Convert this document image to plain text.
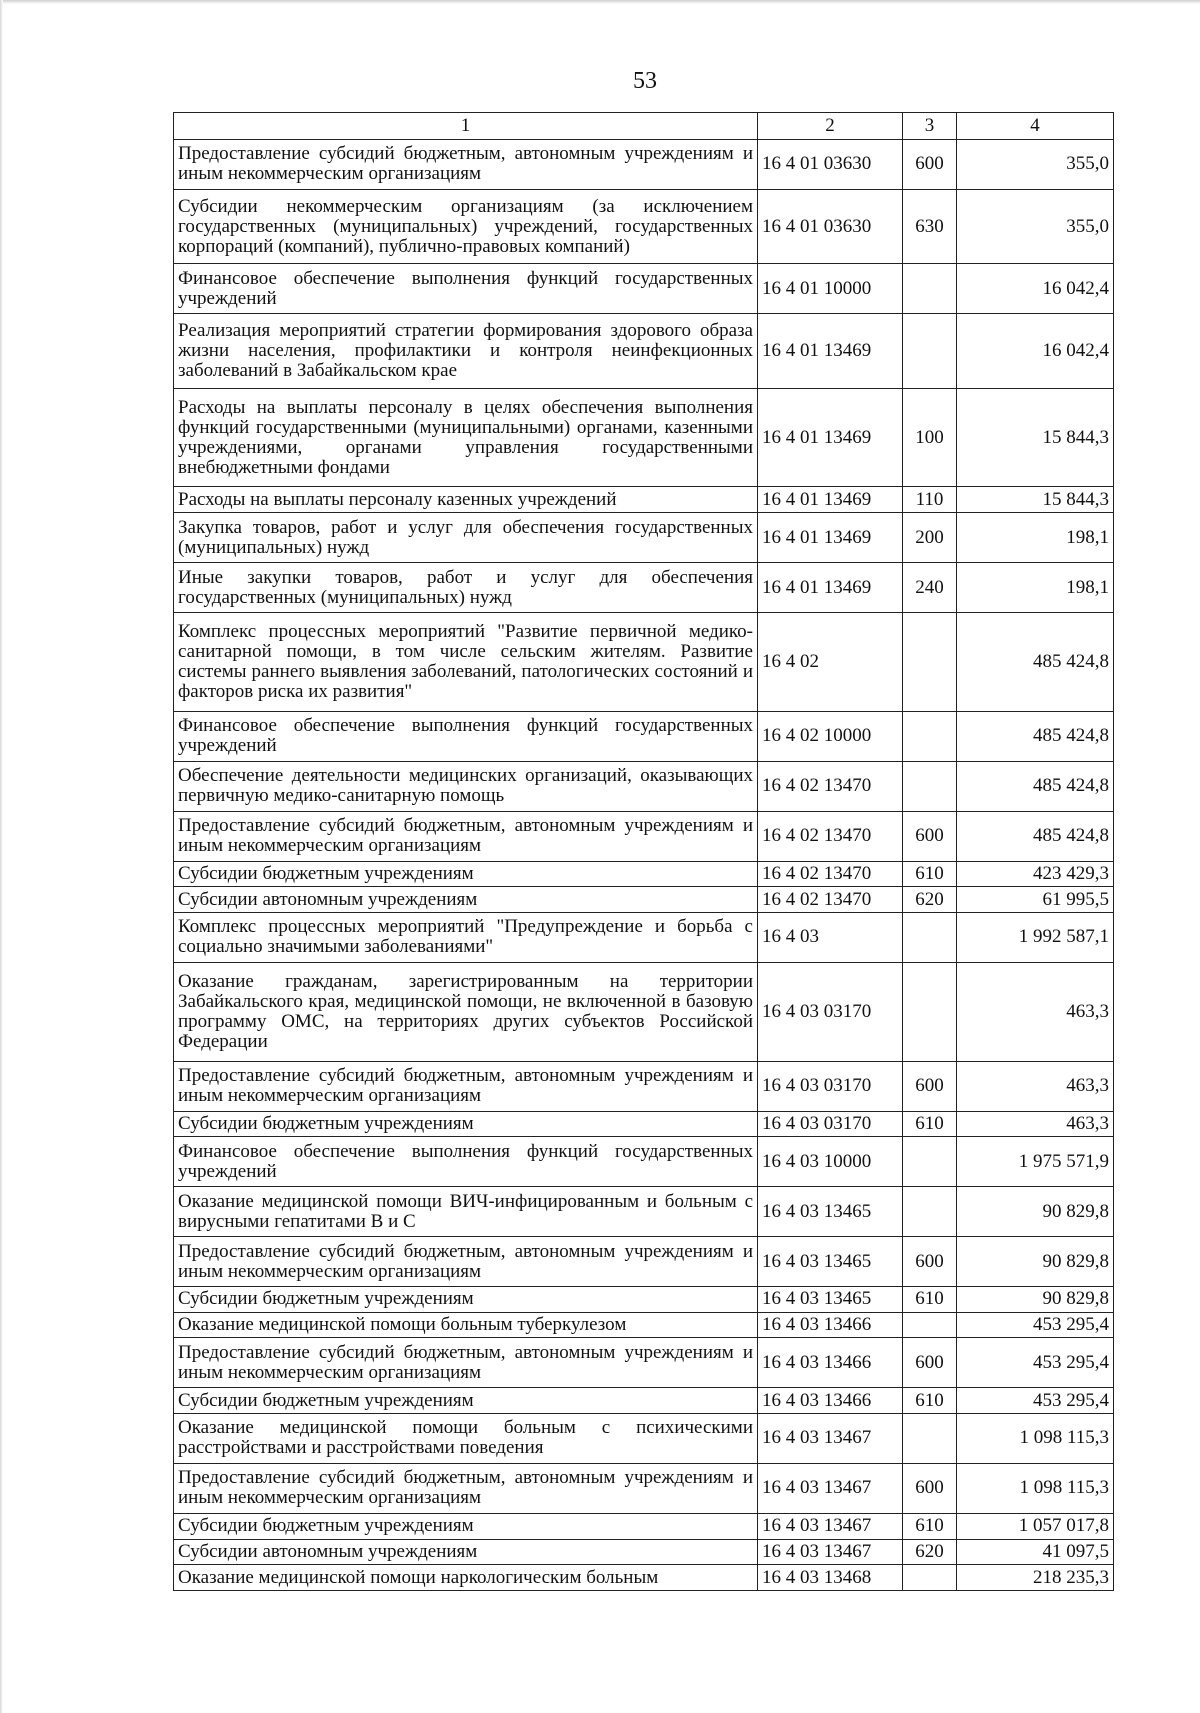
53
1	2	3	4
Предоставление субсидий бюджетным, автономным учреждениям и иным некоммерческим организациям	16 4 01 03630	600	355,0
Субсидии некоммерческим организациям (за исключением государственных (муниципальных) учреждений, государственных корпораций (компаний), публично-правовых компаний)	16 4 01 03630	630	355,0
Финансовое обеспечение выполнения функций государственных учреждений	16 4 01 10000		16 042,4
Реализация мероприятий стратегии формирования здорового образа жизни населения, профилактики и контроля неинфекционных заболеваний в Забайкальском крае	16 4 01 13469		16 042,4
Расходы на выплаты персоналу в целях обеспечения выполнения функций государственными (муниципальными) органами, казенными учреждениями, органами управления государственными внебюджетными фондами	16 4 01 13469	100	15 844,3
Расходы на выплаты персоналу казенных учреждений	16 4 01 13469	110	15 844,3
Закупка товаров, работ и услуг для обеспечения государственных (муниципальных) нужд	16 4 01 13469	200	198,1
Иные закупки товаров, работ и услуг для обеспечения государственных (муниципальных) нужд	16 4 01 13469	240	198,1
Комплекс процессных мероприятий "Развитие первичной медико-санитарной помощи, в том числе сельским жителям. Развитие системы раннего выявления заболеваний, патологических состояний и факторов риска их развития"	16 4 02		485 424,8
Финансовое обеспечение выполнения функций государственных учреждений	16 4 02 10000		485 424,8
Обеспечение деятельности медицинских организаций, оказывающих первичную медико-санитарную помощь	16 4 02 13470		485 424,8
Предоставление субсидий бюджетным, автономным учреждениям и иным некоммерческим организациям	16 4 02 13470	600	485 424,8
Субсидии бюджетным учреждениям	16 4 02 13470	610	423 429,3
Субсидии автономным учреждениям	16 4 02 13470	620	61 995,5
Комплекс процессных мероприятий "Предупреждение и борьба с социально значимыми заболеваниями"	16 4 03		1 992 587,1
Оказание гражданам, зарегистрированным на территории Забайкальского края, медицинской помощи, не включенной в базовую программу ОМС, на территориях других субъектов Российской Федерации	16 4 03 03170		463,3
Предоставление субсидий бюджетным, автономным учреждениям и иным некоммерческим организациям	16 4 03 03170	600	463,3
Субсидии бюджетным учреждениям	16 4 03 03170	610	463,3
Финансовое обеспечение выполнения функций государственных учреждений	16 4 03 10000		1 975 571,9
Оказание медицинской помощи ВИЧ-инфицированным и больным с вирусными гепатитами В и С	16 4 03 13465		90 829,8
Предоставление субсидий бюджетным, автономным учреждениям и иным некоммерческим организациям	16 4 03 13465	600	90 829,8
Субсидии бюджетным учреждениям	16 4 03 13465	610	90 829,8
Оказание медицинской помощи больным туберкулезом	16 4 03 13466		453 295,4
Предоставление субсидий бюджетным, автономным учреждениям и иным некоммерческим организациям	16 4 03 13466	600	453 295,4
Субсидии бюджетным учреждениям	16 4 03 13466	610	453 295,4
Оказание медицинской помощи больным с психическими расстройствами и расстройствами поведения	16 4 03 13467		1 098 115,3
Предоставление субсидий бюджетным, автономным учреждениям и иным некоммерческим организациям	16 4 03 13467	600	1 098 115,3
Субсидии бюджетным учреждениям	16 4 03 13467	610	1 057 017,8
Субсидии автономным учреждениям	16 4 03 13467	620	41 097,5
Оказание медицинской помощи наркологическим больным	16 4 03 13468		218 235,3
